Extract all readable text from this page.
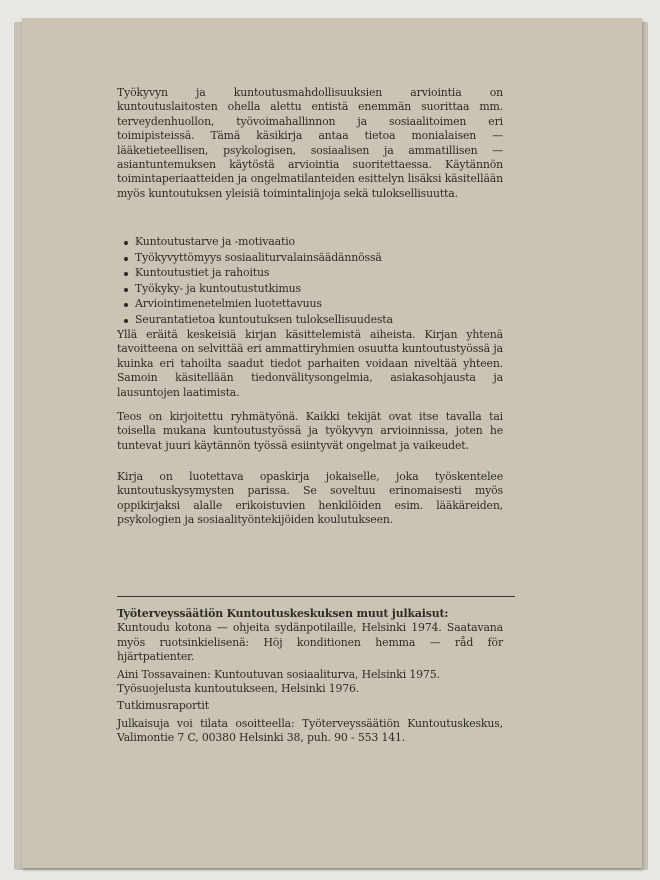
Työkyvyn ja kuntoutusmahdollisuuksien arviointia on kuntoutuslaitosten ohella alettu entistä enemmän suorittaa mm. terveydenhuollon, työvoimahallinnon ja sosiaalitoimen eri toimipisteissä. Tämä käsikirja antaa tietoa monialaisen — lääketieteellisen, psykologisen, sosiaalisen ja ammatillisen — asiantuntemuksen käytöstä arviointia suoritettaessa. Käytännön toimintaperiaatteiden ja ongelmatilanteiden esittelyn lisäksi käsitellään myös kuntoutuksen yleisiä toimintalinjoja sekä tuloksellisuutta.

Kuntoutustarve ja -motivaatio
Työkyvyttömyys sosiaaliturvalainsäädännössä
Kuntoutustiet ja rahoitus
Työkyky- ja kuntoutustutkimus
Arviointimenetelmien luotettavuus
Seurantatietoa kuntoutuksen tuloksellisuudesta

Yllä eräitä keskeisiä kirjan käsittelemistä aiheista. Kirjan yhtenä tavoitteena on selvittää eri ammattiryhmien osuutta kuntoutustyössä ja kuinka eri tahoilta saadut tiedot parhaiten voidaan niveltää yhteen. Samoin käsitellään tiedonvälitysongelmia, asiakasohjausta ja lausuntojen laatimista.

Teos on kirjoitettu ryhmätyönä. Kaikki tekijät ovat itse tavalla tai toisella mukana kuntoutustyössä ja työkyvyn arvioinnissa, joten he tuntevat juuri käytännön työssä esiintyvät ongelmat ja vaikeudet.

Kirja on luotettava opaskirja jokaiselle, joka työskentelee kuntoutuskysymysten parissa. Se soveltuu erinomaisesti myös oppikirjaksi alalle erikoistuvien henkilöiden esim. lääkäreiden, psykologien ja sosiaalityöntekijöiden koulutukseen.

Työterveyssäätiön Kuntoutuskeskuksen muut julkaisut:

Kuntoudu kotona — ohjeita sydänpotilaille, Helsinki 1974. Saatavana myös ruotsinkielisenä: Höj konditionen hemma — råd för hjärtpatienter.

Aini Tossavainen: Kuntoutuvan sosiaaliturva, Helsinki 1975.

Työsuojelusta kuntoutukseen, Helsinki 1976.

Tutkimusraportit

Julkaisuja voi tilata osoitteella: Työterveyssäätiön Kuntoutuskeskus, Valimontie 7 C, 00380 Helsinki 38, puh. 90 - 553 141.
